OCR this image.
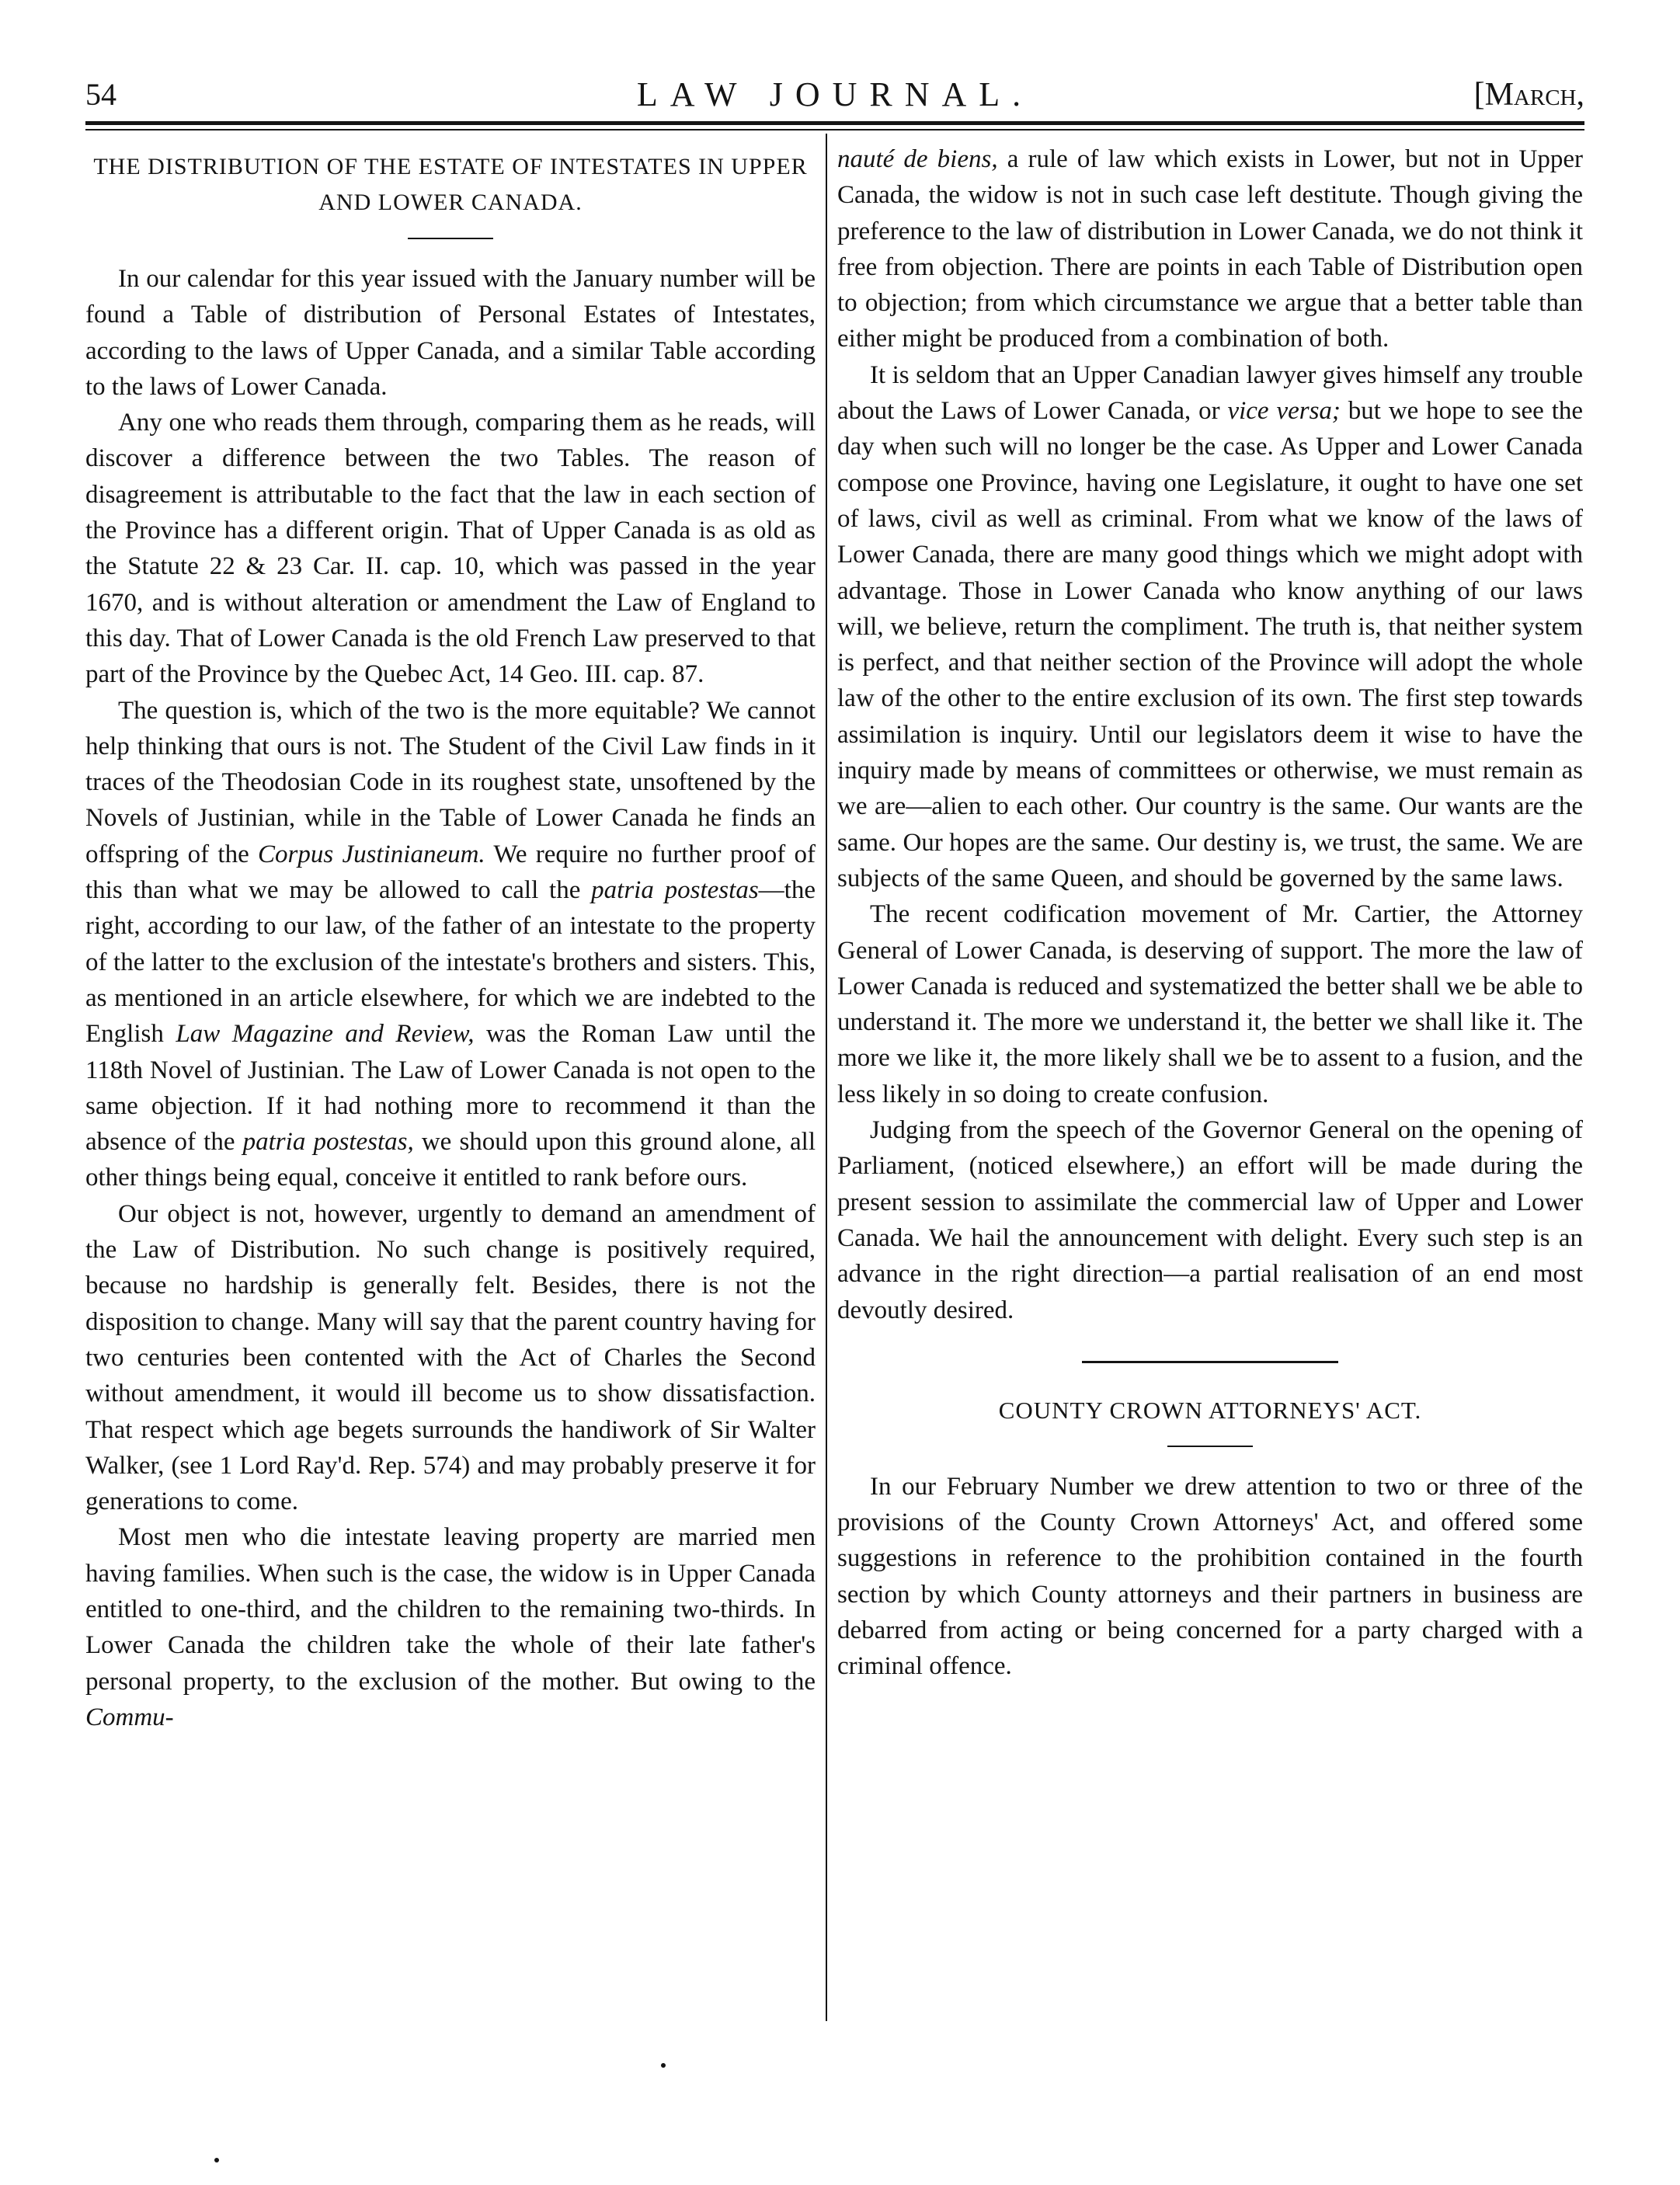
54	LAW JOURNAL.	[March,
THE DISTRIBUTION OF THE ESTATE OF INTESTATES IN UPPER AND LOWER CANADA.

In our calendar for this year issued with the January number will be found a Table of distribution of Personal Estates of Intestates, according to the laws of Upper Canada, and a similar Table according to the laws of Lower Canada.

Any one who reads them through, comparing them as he reads, will discover a difference between the two Tables. The reason of disagreement is attributable to the fact that the law in each section of the Province has a different origin. That of Upper Canada is as old as the Statute 22 & 23 Car. II. cap. 10, which was passed in the year 1670, and is without alteration or amendment the Law of England to this day. That of Lower Canada is the old French Law preserved to that part of the Province by the Quebec Act, 14 Geo. III. cap. 87.

The question is, which of the two is the more equitable? We cannot help thinking that ours is not. The Student of the Civil Law finds in it traces of the Theodosian Code in its roughest state, unsoftened by the Novels of Justinian, while in the Table of Lower Canada he finds an offspring of the Corpus Justinianeum. We require no further proof of this than what we may be allowed to call the patria postestas—the right, according to our law, of the father of an intestate to the property of the latter to the exclusion of the intestate's brothers and sisters. This, as mentioned in an article elsewhere, for which we are indebted to the English Law Magazine and Review, was the Roman Law until the 118th Novel of Justinian. The Law of Lower Canada is not open to the same objection. If it had nothing more to recommend it than the absence of the patria postestas, we should upon this ground alone, all other things being equal, conceive it entitled to rank before ours.

Our object is not, however, urgently to demand an amendment of the Law of Distribution. No such change is positively required, because no hardship is generally felt. Besides, there is not the disposition to change. Many will say that the parent country having for two centuries been contented with the Act of Charles the Second without amendment, it would ill become us to show dissatisfaction. That respect which age begets surrounds the handiwork of Sir Walter Walker, (see 1 Lord Ray'd. Rep. 574) and may probably preserve it for generations to come.

Most men who die intestate leaving property are married men having families. When such is the case, the widow is in Upper Canada entitled to one-third, and the children to the remaining two-thirds. In Lower Canada the children take the whole of their late father's personal property, to the exclusion of the mother. But owing to the Commu-

nauté de biens, a rule of law which exists in Lower, but not in Upper Canada, the widow is not in such case left destitute. Though giving the preference to the law of distribution in Lower Canada, we do not think it free from objection. There are points in each Table of Distribution open to objection; from which circumstance we argue that a better table than either might be produced from a combination of both.

It is seldom that an Upper Canadian lawyer gives himself any trouble about the Laws of Lower Canada, or vice versa; but we hope to see the day when such will no longer be the case. As Upper and Lower Canada compose one Province, having one Legislature, it ought to have one set of laws, civil as well as criminal. From what we know of the laws of Lower Canada, there are many good things which we might adopt with advantage. Those in Lower Canada who know anything of our laws will, we believe, return the compliment. The truth is, that neither system is perfect, and that neither section of the Province will adopt the whole law of the other to the entire exclusion of its own. The first step towards assimilation is inquiry. Until our legislators deem it wise to have the inquiry made by means of committees or otherwise, we must remain as we are—alien to each other. Our country is the same. Our wants are the same. Our hopes are the same. Our destiny is, we trust, the same. We are subjects of the same Queen, and should be governed by the same laws.

The recent codification movement of Mr. Cartier, the Attorney General of Lower Canada, is deserving of support. The more the law of Lower Canada is reduced and systematized the better shall we be able to understand it. The more we understand it, the better we shall like it. The more we like it, the more likely shall we be to assent to a fusion, and the less likely in so doing to create confusion.

Judging from the speech of the Governor General on the opening of Parliament, (noticed elsewhere,) an effort will be made during the present session to assimilate the commercial law of Upper and Lower Canada. We hail the announcement with delight. Every such step is an advance in the right direction—a partial realisation of an end most devoutly desired.

COUNTY CROWN ATTORNEYS' ACT.

In our February Number we drew attention to two or three of the provisions of the County Crown Attorneys' Act, and offered some suggestions in reference to the prohibition contained in the fourth section by which County attorneys and their partners in business are debarred from acting or being concerned for a party charged with a criminal offence.
